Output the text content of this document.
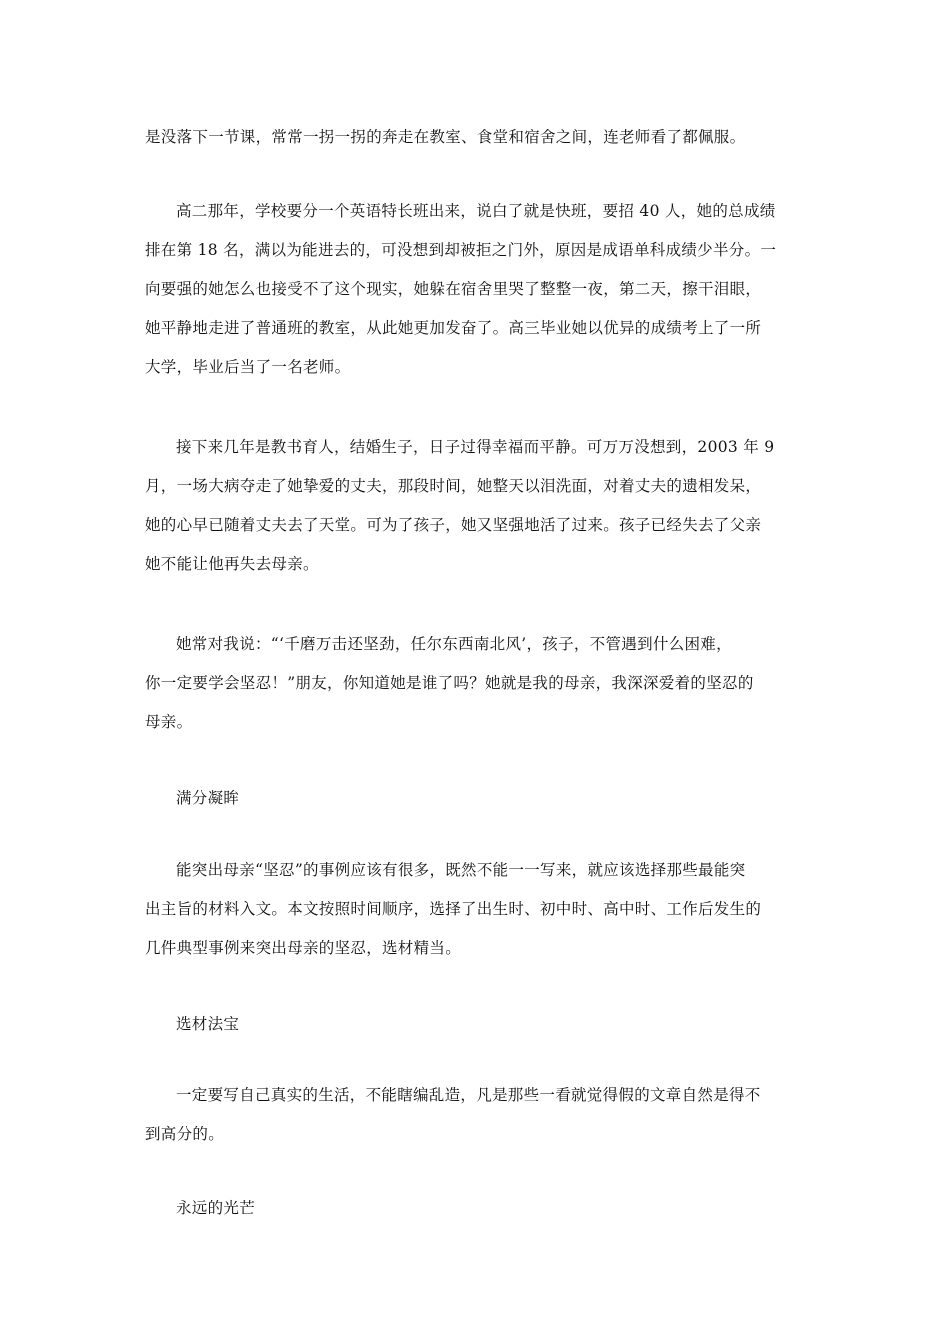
是没落下一节课，常常一拐一拐的奔走在教室、食堂和宿舍之间，连老师看了都佩服。
高二那年，学校要分一个英语特长班出来，说白了就是快班，要招 40 人，她的总成绩
排在第 18 名，满以为能进去的，可没想到却被拒之门外，原因是成语单科成绩少半分。一
向要强的她怎么也接受不了这个现实，她躲在宿舍里哭了整整一夜，第二天，擦干泪眼，
她平静地走进了普通班的教室，从此她更加发奋了。高三毕业她以优异的成绩考上了一所
大学，毕业后当了一名老师。
接下来几年是教书育人，结婚生子，日子过得幸福而平静。可万万没想到，2003 年 9
月，一场大病夺走了她挚爱的丈夫，那段时间，她整天以泪洗面，对着丈夫的遗相发呆，
她的心早已随着丈夫去了天堂。可为了孩子，她又坚强地活了过来。孩子已经失去了父亲
她不能让他再失去母亲。
她常对我说：“‘千磨万击还坚劲，任尔东西南北风’，孩子，不管遇到什么困难，
你一定要学会坚忍！”朋友，你知道她是谁了吗？她就是我的母亲，我深深爱着的坚忍的
母亲。
满分凝眸
能突出母亲“坚忍”的事例应该有很多，既然不能一一写来，就应该选择那些最能突
出主旨的材料入文。本文按照时间顺序，选择了出生时、初中时、高中时、工作后发生的
几件典型事例来突出母亲的坚忍，选材精当。
选材法宝
一定要写自己真实的生活，不能瞎编乱造，凡是那些一看就觉得假的文章自然是得不
到高分的。
永远的光芒
